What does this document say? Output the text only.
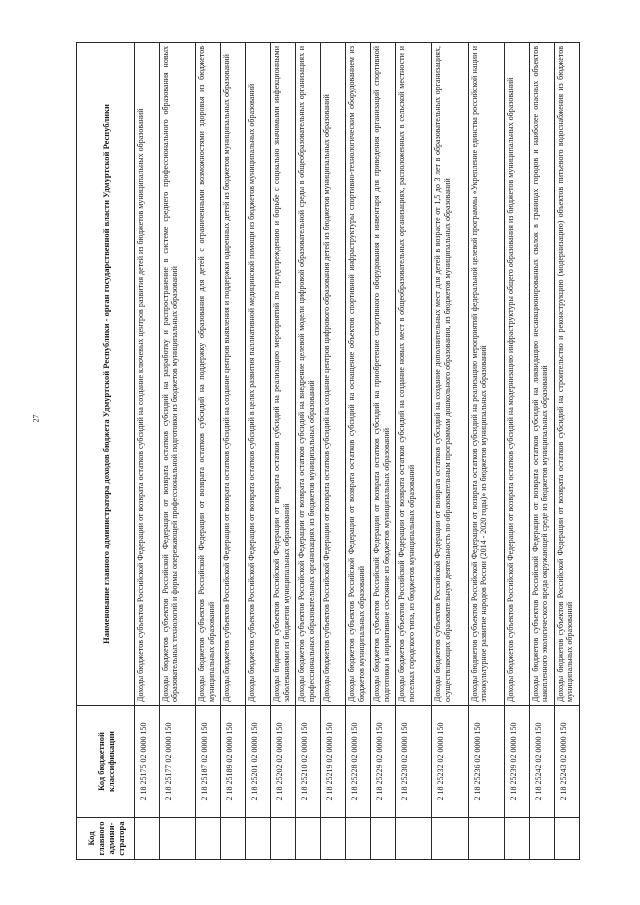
27
Код главного админи-стратора	Код бюджетной классификации	Наименование главного администратора доходов бюджета Удмуртской Республики - орган государственной власти Удмуртской Республики
	2 18 25175 02 0000 150	Доходы бюджетов субъектов Российской Федерации от возврата остатков субсидий на создание ключевых центров развития детей из бюджетов муниципальных образований
	2 18 25177 02 0000 150	Доходы бюджетов субъектов Российской Федерации от возврата остатков субсидий на разработку и распространение в системе среднего профессионального образования новых образовательных технологий и формы опережающей профессиональной подготовки из бюджетов муниципальных образований
	2 18 25187 02 0000 150	Доходы бюджетов субъектов Российской Федерации от возврата остатков субсидий на поддержку образования для детей с ограниченными возможностями здоровья из бюджетов муниципальных образований
	2 18 25189 02 0000 150	Доходы бюджетов субъектов Российской Федерации от возврата остатков субсидий на создание центров выявления и поддержки одаренных детей из бюджетов муниципальных образований
	2 18 25201 02 0000 150	Доходы бюджетов субъектов Российской Федерации от возврата остатков субсидий в целях развития паллиативной медицинской помощи из бюджетов муниципальных образований
	2 18 25202 02 0000 150	Доходы бюджетов субъектов Российской Федерации от возврата остатков субсидий на реализацию мероприятий по предупреждению и борьбе с социально значимыми инфекционными заболеваниями из бюджетов муниципальных образований
	2 18 25210 02 0000 150	Доходы бюджетов субъектов Российской Федерации от возврата остатков субсидий на внедрение целевой модели цифровой образовательной среды в общеобразовательных организациях и профессиональных образовательных организациях из бюджетов муниципальных образований
	2 18 25219 02 0000 150	Доходы бюджетов субъектов Российской Федерации от возврата остатков субсидий на создание центров цифрового образования детей из бюджетов муниципальных образований
	2 18 25228 02 0000 150	Доходы бюджетов субъектов Российской Федерации от возврата остатков субсидий на оснащение объектов спортивной инфраструктуры спортивно-технологическим оборудованием из бюджетов муниципальных образований
	2 18 25229 02 0000 150	Доходы бюджетов субъектов Российской Федерации от возврата остатков субсидий на приобретение спортивного оборудования и инвентаря для приведения организаций спортивной подготовки в нормативное состояние из бюджетов муниципальных образований
	2 18 25230 02 0000 150	Доходы бюджетов субъектов Российской Федерации от возврата остатков субсидий на создание новых мест в общеобразовательных организациях, расположенных в сельской местности и поселках городского типа, из бюджетов муниципальных образований
	2 18 25232 02 0000 150	Доходы бюджетов субъектов Российской Федерации от возврата остатков субсидий на создание дополнительных мест для детей в возрасте от 1,5 до 3 лет в образовательных организациях, осуществляющих образовательную деятельность по образовательным программам дошкольного образования, из бюджетов муниципальных образований
	2 18 25236 02 0000 150	Доходы бюджетов субъектов Российской Федерации от возврата остатков субсидий на реализацию мероприятий федеральной целевой программы «Укрепление единства российской нации и этнокультурное развитие народов России (2014 - 2020 годы)» из бюджетов муниципальных образований
	2 18 25239 02 0000 150	Доходы бюджетов субъектов Российской Федерации от возврата остатков субсидий на модернизацию инфраструктуры общего образования из бюджетов муниципальных образований
	2 18 25242 02 0000 150	Доходы бюджетов субъектов Российской Федерации от возврата остатков субсидий на ликвидацию несанкционированных свалок в границах городов и наиболее опасных объектов накопленного экологического вреда окружающей среде из бюджетов муниципальных образований
	2 18 25243 02 0000 150	Доходы бюджетов субъектов Российской Федерации от возврата остатков субсидий на строительство и реконструкцию (модернизацию) объектов питьевого водоснабжения из бюджетов муниципальных образований
